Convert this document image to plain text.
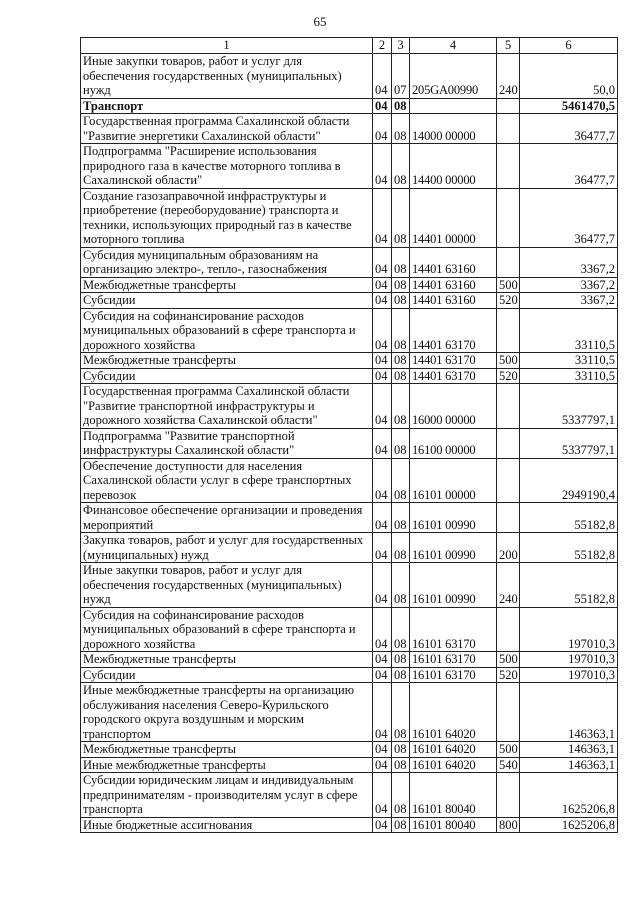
65
1	2	3	4	5	6
Иные закупки товаров, работ и услуг для обеспечения государственных (муниципальных) нужд	04	07	205GA00990	240	50,0
Транспорт	04	08			5461470,5
Государственная программа Сахалинской области "Развитие энергетики Сахалинской области"	04	08	14000 00000		36477,7
Подпрограмма "Расширение использования природного газа в качестве моторного топлива в Сахалинской области"	04	08	14400 00000		36477,7
Создание газозаправочной инфраструктуры и приобретение (переоборудование) транспорта и техники, использующих природный газ в качестве моторного топлива	04	08	14401 00000		36477,7
Субсидия муниципальным образованиям на организацию электро-, тепло-, газоснабжения	04	08	14401 63160		3367,2
Межбюджетные трансферты	04	08	14401 63160	500	3367,2
Субсидии	04	08	14401 63160	520	3367,2
Субсидия на софинансирование расходов муниципальных образований в сфере транспорта и дорожного хозяйства	04	08	14401 63170		33110,5
Межбюджетные трансферты	04	08	14401 63170	500	33110,5
Субсидии	04	08	14401 63170	520	33110,5
Государственная программа Сахалинской области "Развитие транспортной инфраструктуры и дорожного хозяйства Сахалинской области"	04	08	16000 00000		5337797,1
Подпрограмма "Развитие транспортной инфраструктуры Сахалинской области"	04	08	16100 00000		5337797,1
Обеспечение доступности для населения Сахалинской области услуг в сфере транспортных перевозок	04	08	16101 00000		2949190,4
Финансовое обеспечение организации и проведения мероприятий	04	08	16101 00990		55182,8
Закупка товаров, работ и услуг для государственных (муниципальных) нужд	04	08	16101 00990	200	55182,8
Иные закупки товаров, работ и услуг для обеспечения государственных (муниципальных) нужд	04	08	16101 00990	240	55182,8
Субсидия на софинансирование расходов муниципальных образований в сфере транспорта и дорожного хозяйства	04	08	16101 63170		197010,3
Межбюджетные трансферты	04	08	16101 63170	500	197010,3
Субсидии	04	08	16101 63170	520	197010,3
Иные межбюджетные трансферты на организацию обслуживания населения Северо-Курильского городского округа воздушным и морским транспортом	04	08	16101 64020		146363,1
Межбюджетные трансферты	04	08	16101 64020	500	146363,1
Иные межбюджетные трансферты	04	08	16101 64020	540	146363,1
Субсидии юридическим лицам и индивидуальным предпринимателям - производителям услуг в сфере транспорта	04	08	16101 80040		1625206,8
Иные бюджетные ассигнования	04	08	16101 80040	800	1625206,8
